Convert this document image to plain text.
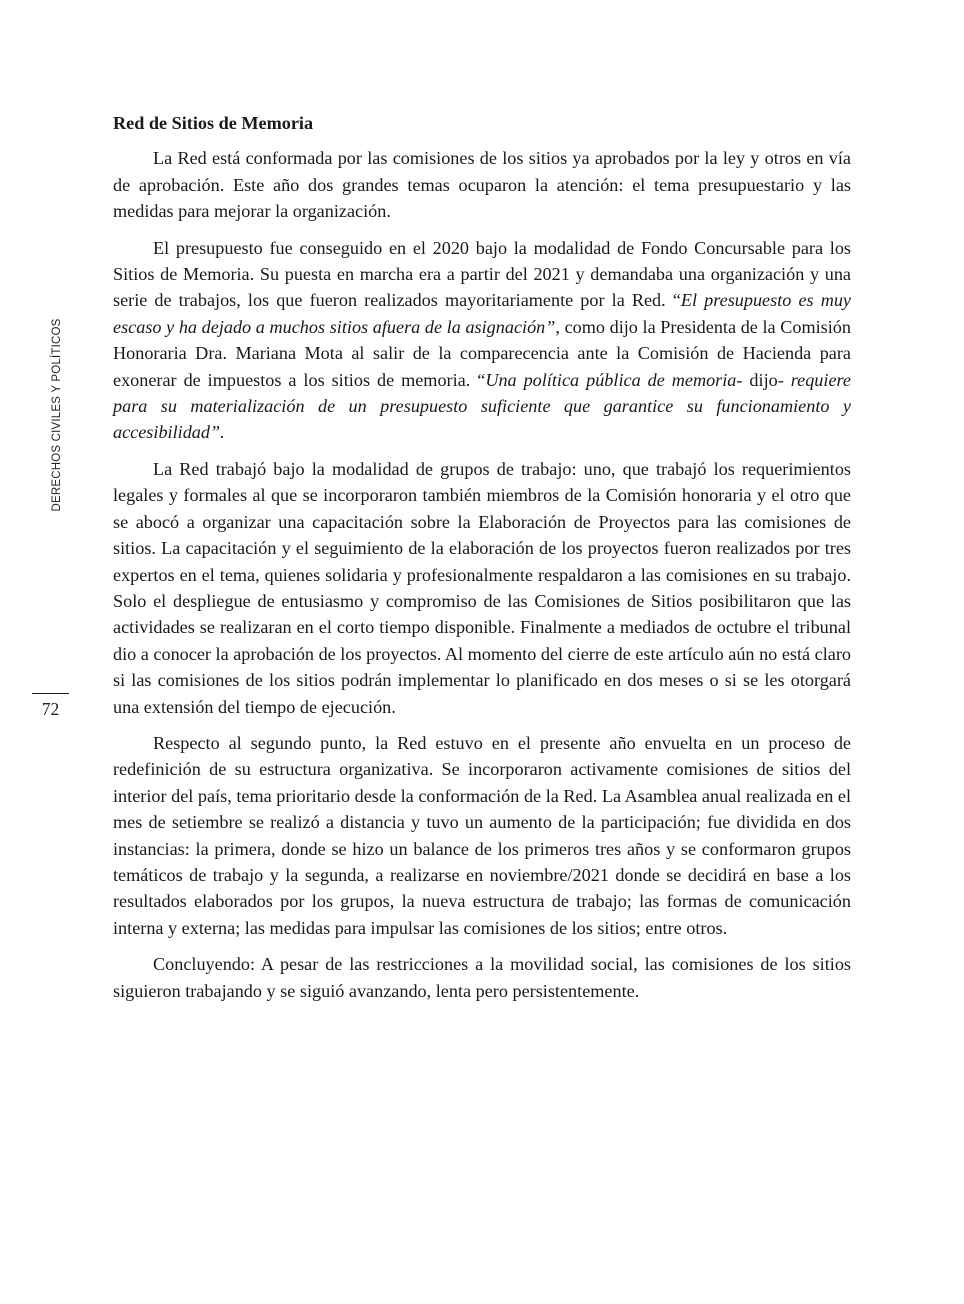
DERECHOS CIVILES Y POLÍTICOS
72
Red de Sitios de Memoria

La Red está conformada por las comisiones de los sitios ya aprobados por la ley y otros en vía de aprobación. Este año dos grandes temas ocuparon la atención: el tema presupuestario y las medidas para mejorar la organización.

El presupuesto fue conseguido en el 2020 bajo la modalidad de Fondo Concursable para los Sitios de Memoria. Su puesta en marcha era a partir del 2021 y demandaba una organización y una serie de trabajos, los que fueron realizados mayoritariamente por la Red. “El presupuesto es muy escaso y ha dejado a muchos sitios afuera de la asignación”, como dijo la Presidenta de la Comisión Honoraria Dra. Mariana Mota al salir de la comparecencia ante la Comisión de Hacienda para exonerar de impuestos a los sitios de memoria. “Una política pública de memoria- dijo- requiere para su materialización de un presupuesto suficiente que garantice su funcionamiento y accesibilidad”.

La Red trabajó bajo la modalidad de grupos de trabajo: uno, que trabajó los requerimientos legales y formales al que se incorporaron también miembros de la Comisión honoraria y el otro que se abocó a organizar una capacitación sobre la Elaboración de Proyectos para las comisiones de sitios. La capacitación y el seguimiento de la elaboración de los proyectos fueron realizados por tres expertos en el tema, quienes solidaria y profesionalmente respaldaron a las comisiones en su trabajo. Solo el despliegue de entusiasmo y compromiso de las Comisiones de Sitios posibilitaron que las actividades se realizaran en el corto tiempo disponible. Finalmente a mediados de octubre el tribunal dio a conocer la aprobación de los proyectos. Al momento del cierre de este artículo aún no está claro si las comisiones de los sitios podrán implementar lo planificado en dos meses o si se les otorgará una extensión del tiempo de ejecución.

Respecto al segundo punto, la Red estuvo en el presente año envuelta en un proceso de redefinición de su estructura organizativa. Se incorporaron activamente comisiones de sitios del interior del país, tema prioritario desde la conformación de la Red. La Asamblea anual realizada en el mes de setiembre se realizó a distancia y tuvo un aumento de la participación; fue dividida en dos instancias: la primera, donde se hizo un balance de los primeros tres años y se conformaron grupos temáticos de trabajo y la segunda, a realizarse en noviembre/2021 donde se decidirá en base a los resultados elaborados por los grupos, la nueva estructura de trabajo; las formas de comunicación interna y externa; las medidas para impulsar las comisiones de los sitios; entre otros.

Concluyendo: A pesar de las restricciones a la movilidad social, las comisiones de los sitios siguieron trabajando y se siguió avanzando, lenta pero persistentemente.
